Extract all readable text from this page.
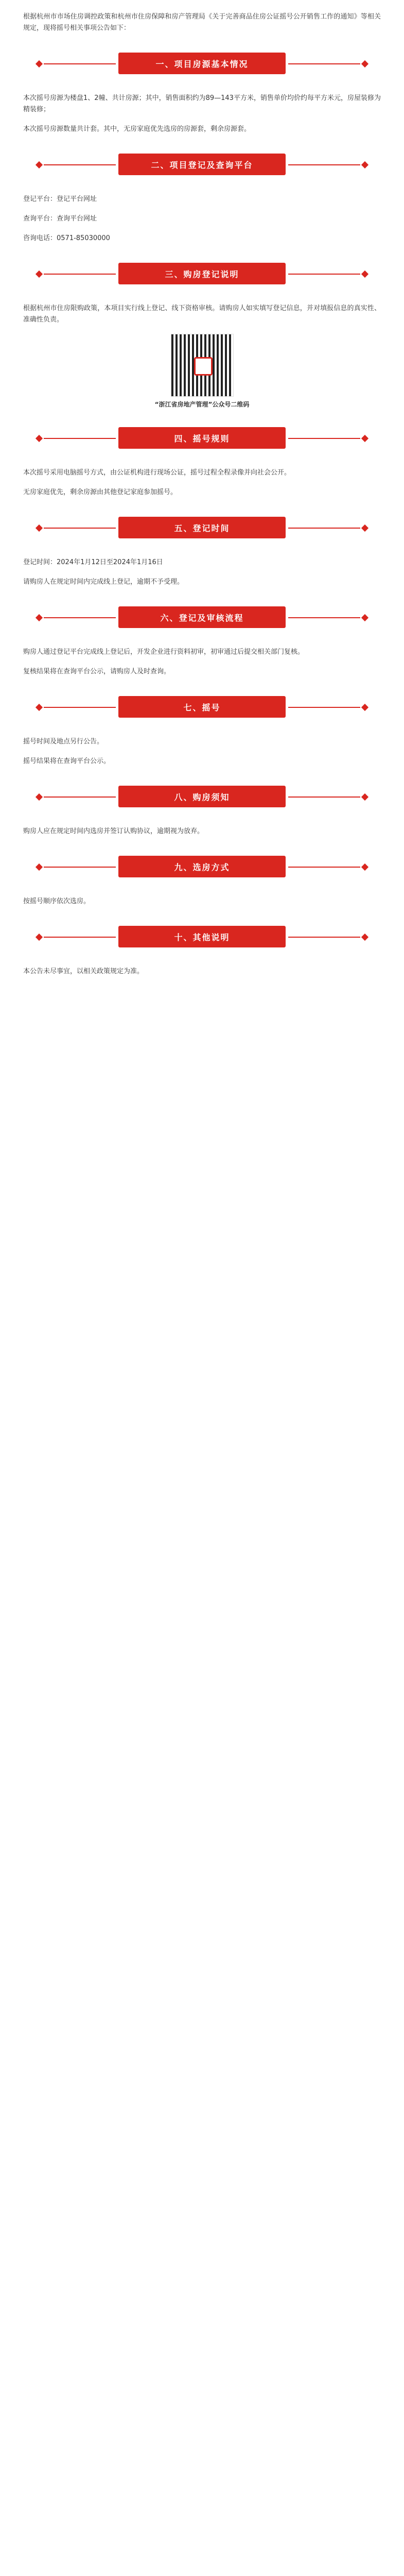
根据杭州市市场住房调控政策和杭州市住房保障和房产管理局《关于完善商品住房公证摇号公开销售工作的通知》等相关规定，现将摇号相关事项公告如下：

一、项目房源基本情况

本次摇号房源为楼盘1、2幢、共计房源；其中，销售面积约为89—143平方米，销售单价均价约每平方米元，房屋装修为精装修；

本次摇号房源数量共计套。其中，无房家庭优先选房的房源套，剩余房源套。

二、项目登记及查询平台

登记平台：登记平台网址

查询平台：查询平台网址

咨询电话：0571-85030000

三、购房登记说明

根据杭州市住房限购政策，本项目实行线上登记、线下资格审核。请购房人如实填写登记信息，并对填报信息的真实性、准确性负责。

“浙江省房地产管理”公众号二维码
四、摇号规则

本次摇号采用电脑摇号方式，由公证机构进行现场公证，摇号过程全程录像并向社会公开。

无房家庭优先，剩余房源由其他登记家庭参加摇号。

五、登记时间

登记时间：2024年1月12日至2024年1月16日

请购房人在规定时间内完成线上登记，逾期不予受理。

六、登记及审核流程

购房人通过登记平台完成线上登记后，开发企业进行资料初审，初审通过后提交相关部门复核。

复核结果将在查询平台公示，请购房人及时查询。

七、摇号

摇号时间及地点另行公告。

摇号结果将在查询平台公示。

八、购房须知

购房人应在规定时间内选房并签订认购协议，逾期视为放弃。

九、选房方式

按摇号顺序依次选房。

十、其他说明

本公告未尽事宜，以相关政策规定为准。
